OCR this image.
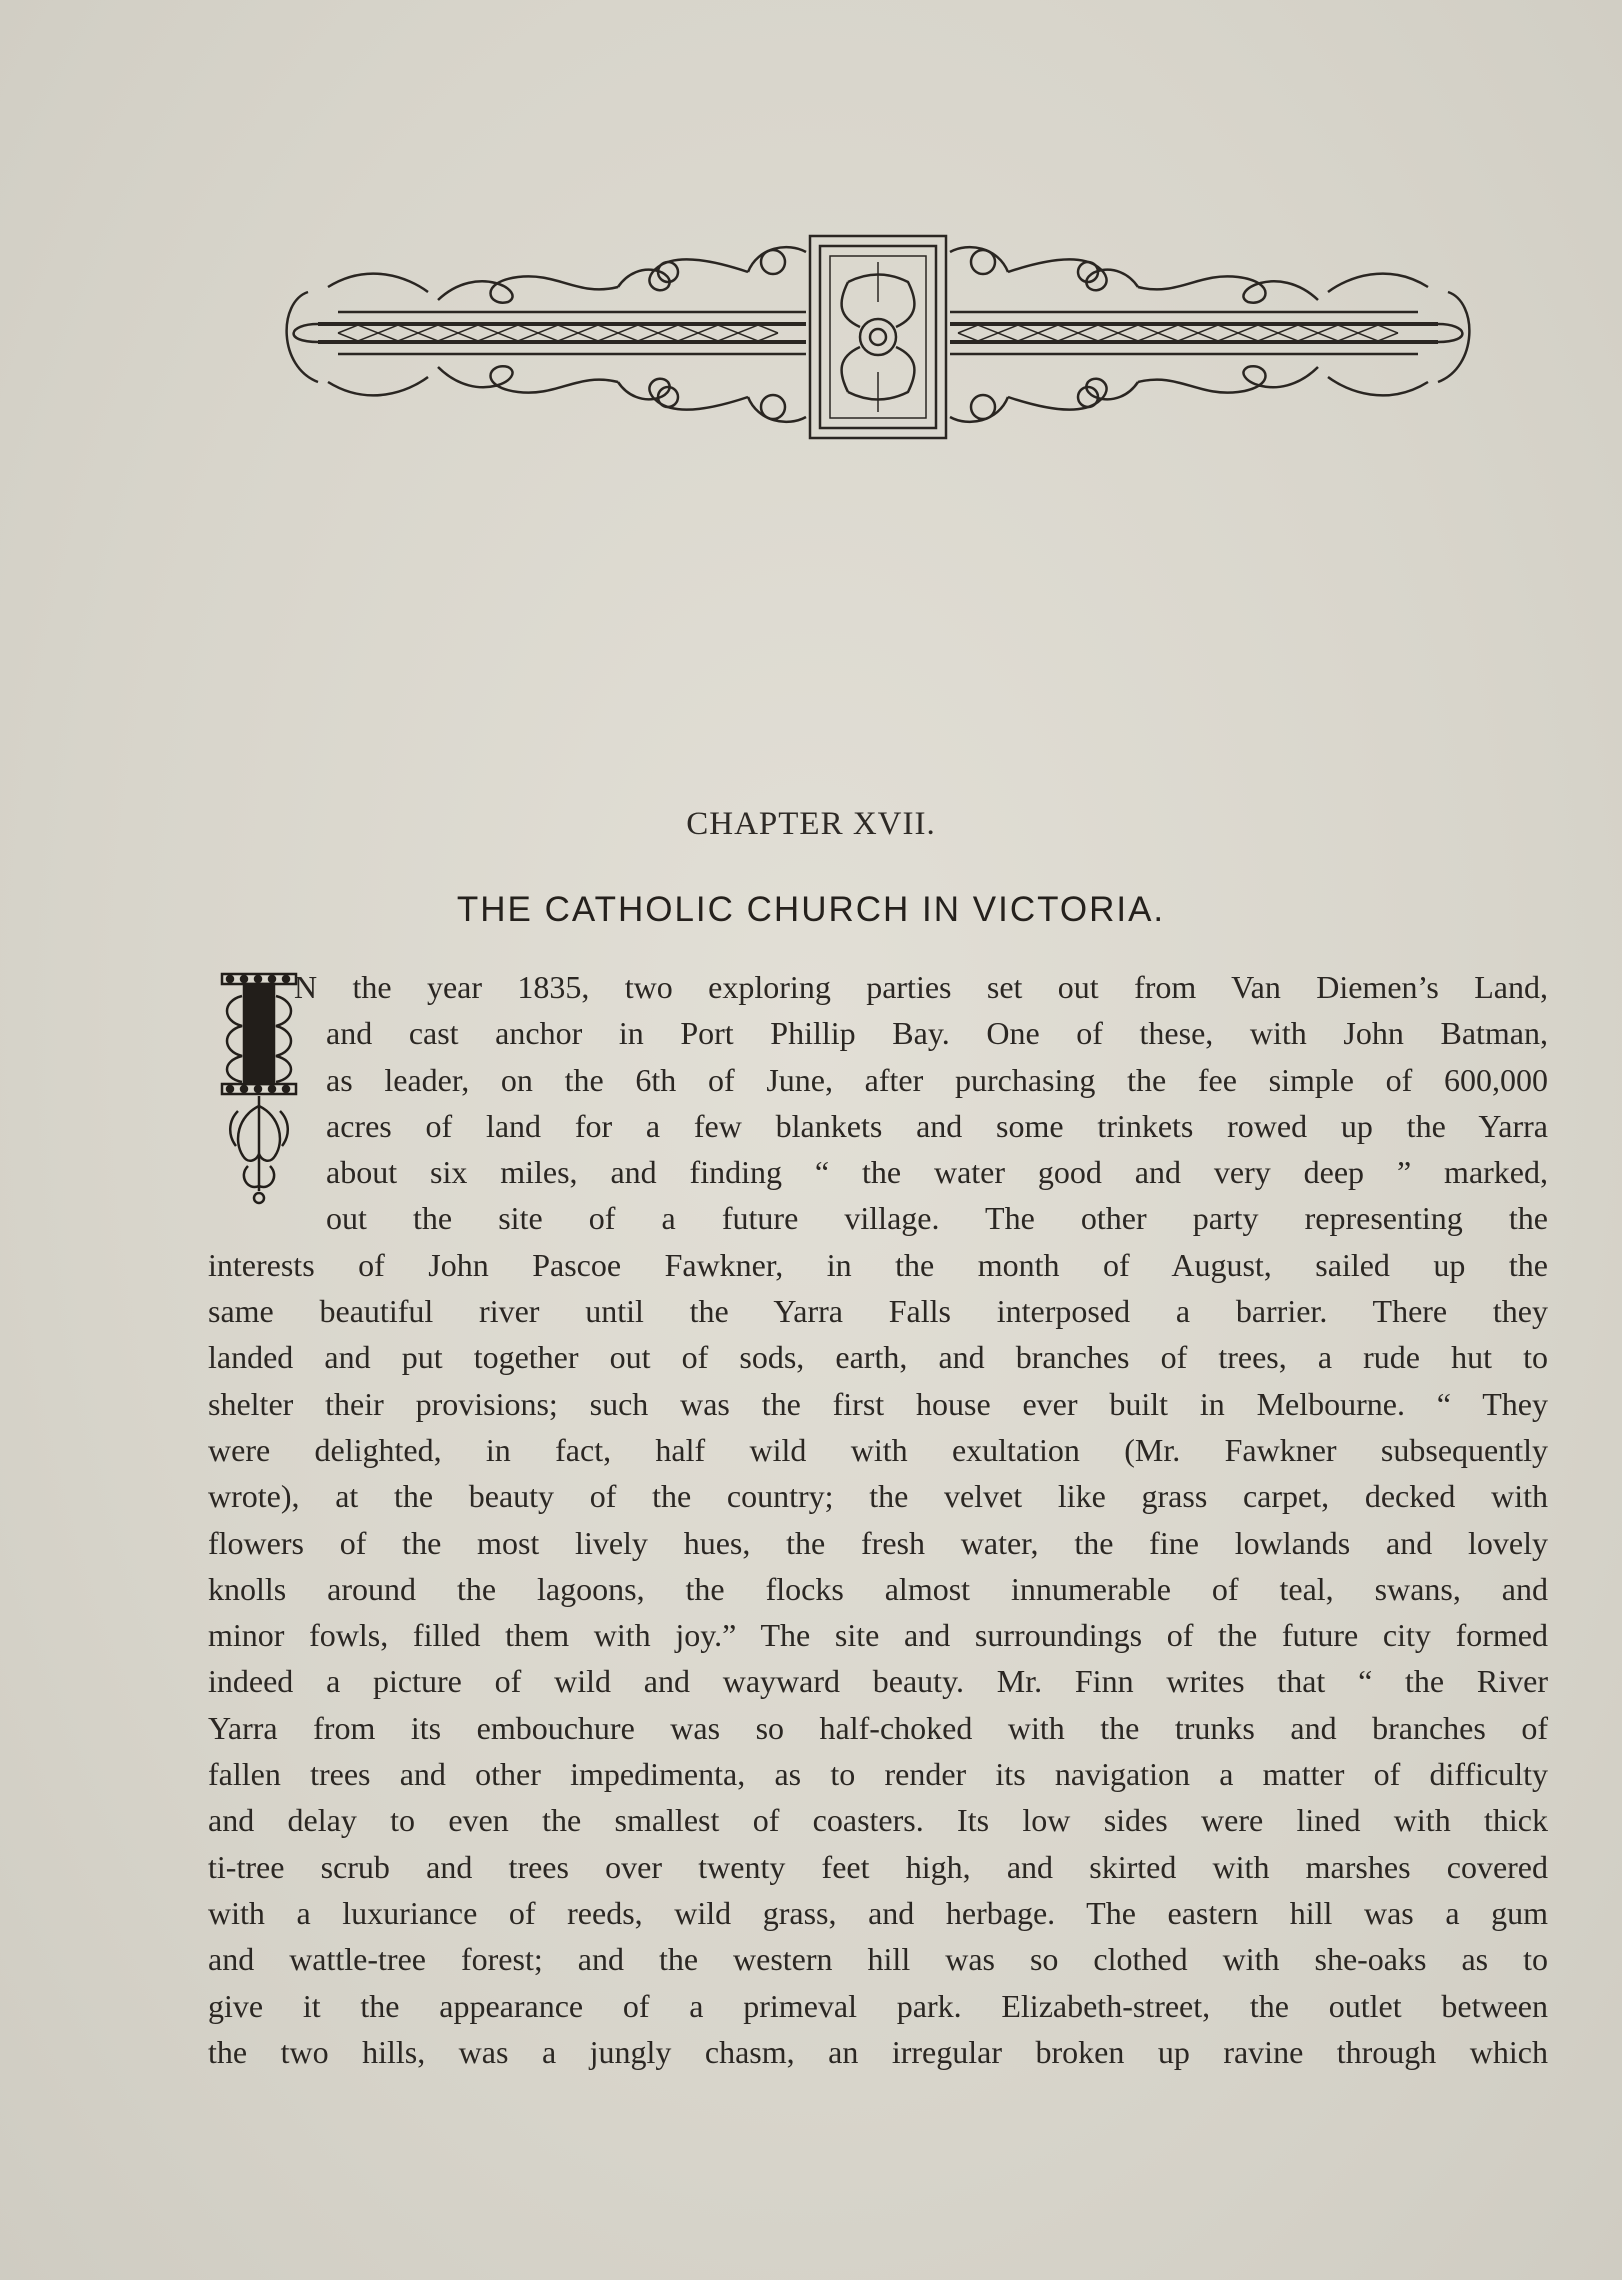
CHAPTER XVII.
THE CATHOLIC CHURCH IN VICTORIA.
N the year 1835, two exploring parties set out from Van Diemen’s Land,
and cast anchor in Port Phillip Bay. One of these, with John Batman,
as leader, on the 6th of June, after purchasing the fee simple of 600,000
acres of land for a few blankets and some trinkets rowed up the Yarra
about six miles, and finding “ the water good and very deep ” marked,
out the site of a future village. The other party representing the
interests of John Pascoe Fawkner, in the month of August, sailed up the
same beautiful river until the Yarra Falls interposed a barrier. There they
landed and put together out of sods, earth, and branches of trees, a rude hut to
shelter their provisions; such was the first house ever built in Melbourne. “ They
were delighted, in fact, half wild with exultation (Mr. Fawkner subsequently
wrote), at the beauty of the country; the velvet like grass carpet, decked with
flowers of the most lively hues, the fresh water, the fine lowlands and lovely
knolls around the lagoons, the flocks almost innumerable of teal, swans, and
minor fowls, filled them with joy.” The site and surroundings of the future city formed
indeed a picture of wild and wayward beauty. Mr. Finn writes that “ the River
Yarra from its embouchure was so half-choked with the trunks and branches of
fallen trees and other impedimenta, as to render its navigation a matter of difficulty
and delay to even the smallest of coasters. Its low sides were lined with thick
ti-tree scrub and trees over twenty feet high, and skirted with marshes covered
with a luxuriance of reeds, wild grass, and herbage. The eastern hill was a gum
and wattle-tree forest; and the western hill was so clothed with she-oaks as to
give it the appearance of a primeval park. Elizabeth-street, the outlet between
the two hills, was a jungly chasm, an irregular broken up ravine through which
